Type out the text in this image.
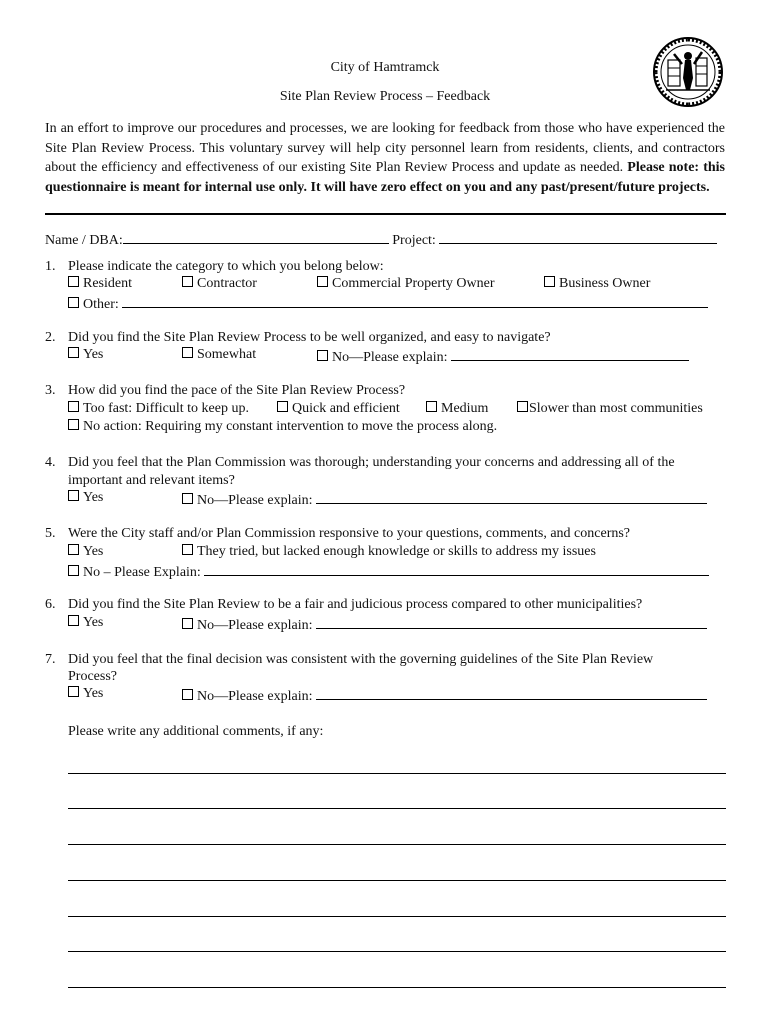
City of Hamtramck
Site Plan Review Process – Feedback
In an effort to improve our procedures and processes, we are looking for feedback from those who have experienced the Site Plan Review Process. This voluntary survey will help city personnel learn from residents, clients, and contractors about the efficiency and effectiveness of our existing Site Plan Review Process and update as needed. Please note: this questionnaire is meant for internal use only. It will have zero effect on you and any past/present/future projects.
Name / DBA:	Project:
1. Please indicate the category to which you belong below:
Resident	Contractor	Commercial Property Owner	Business Owner
Other:
2. Did you find the Site Plan Review Process to be well organized, and easy to navigate?
Yes	Somewhat	No—Please explain:
3. How did you find the pace of the Site Plan Review Process?
Too fast: Difficult to keep up.	Quick and efficient	Medium	Slower than most communities
No action: Requiring my constant intervention to move the process along.
4. Did you feel that the Plan Commission was thorough; understanding your concerns and addressing all of the
important and relevant items?
Yes	No—Please explain:
5. Were the City staff and/or Plan Commission responsive to your questions, comments, and concerns?
Yes	They tried, but lacked enough knowledge or skills to address my issues
No – Please Explain:
6. Did you find the Site Plan Review to be a fair and judicious process compared to other municipalities?
Yes	No—Please explain:
7. Did you feel that the final decision was consistent with the governing guidelines of the Site Plan Review
Process?
Yes	No—Please explain:
Please write any additional comments, if any:
